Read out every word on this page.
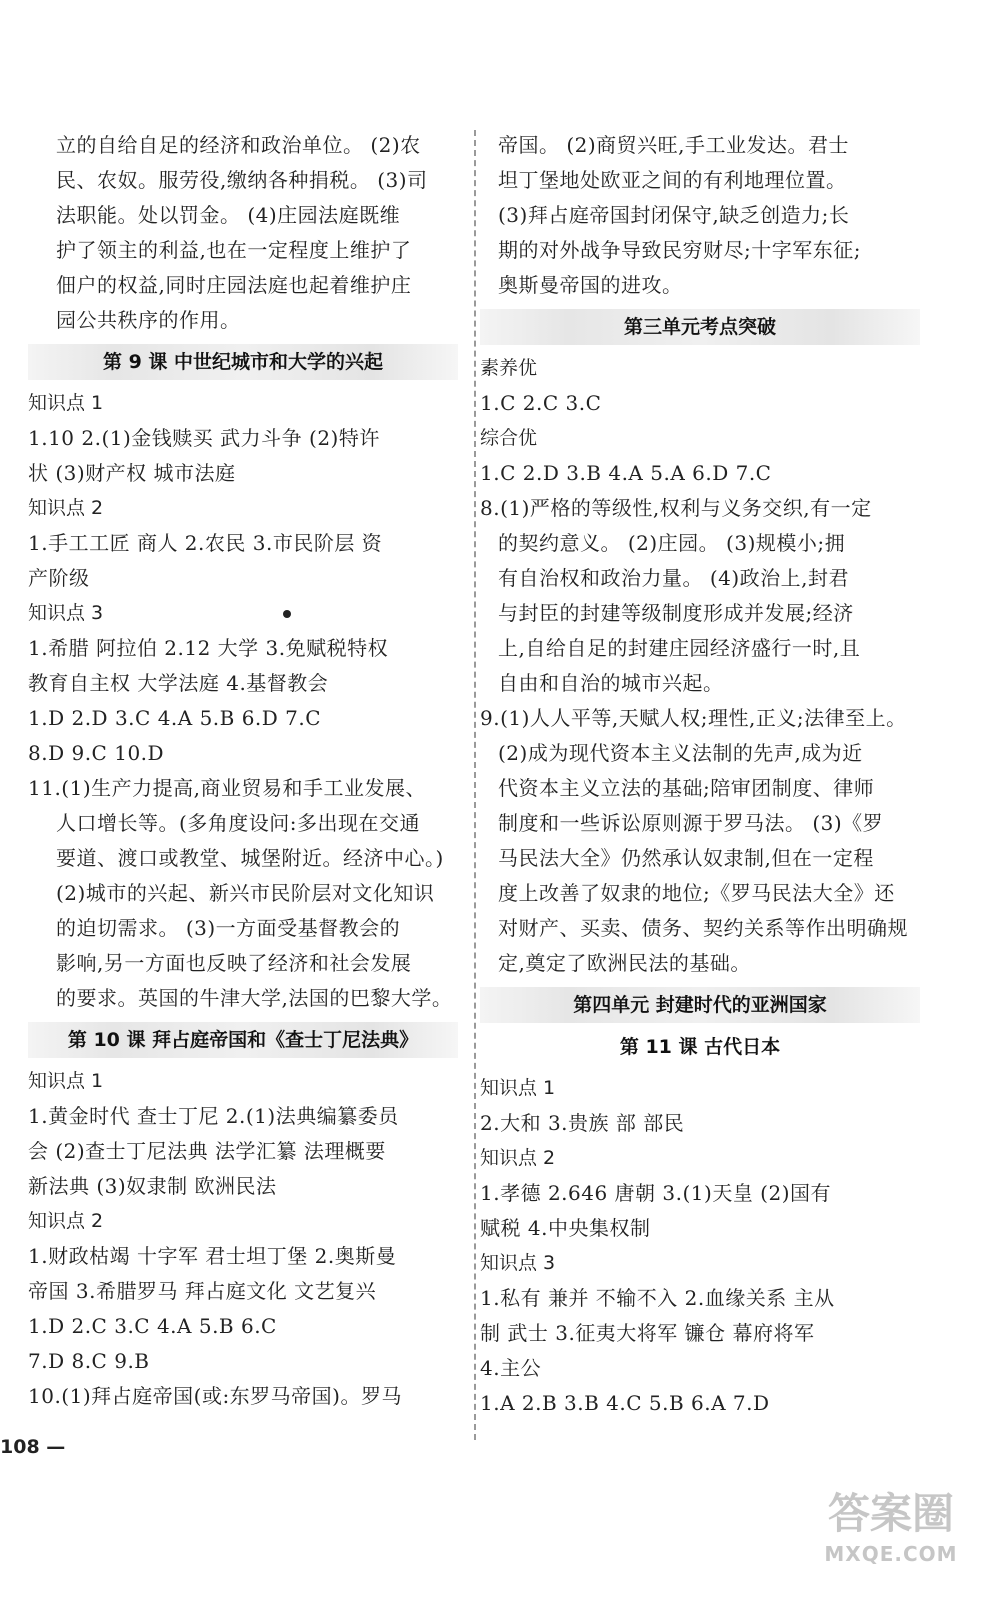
立的自给自足的经济和政治单位。 (2)农
民、农奴。服劳役,缴纳各种捐税。 (3)司
法职能。处以罚金。 (4)庄园法庭既维
护了领主的利益,也在一定程度上维护了
佃户的权益,同时庄园法庭也起着维护庄
园公共秩序的作用。
第 9 课 中世纪城市和大学的兴起
知识点 1
1.10 2.(1)金钱赎买 武力斗争 (2)特许
状 (3)财产权 城市法庭
知识点 2
1.手工工匠 商人 2.农民 3.市民阶层 资
产阶级
知识点 3
1.希腊 阿拉伯 2.12 大学 3.免赋税特权
教育自主权 大学法庭 4.基督教会
1.D 2.D 3.C 4.A 5.B 6.D 7.C
8.D 9.C 10.D
11.(1)生产力提高,商业贸易和手工业发展、
人口增长等。(多角度设问:多出现在交通
要道、渡口或教堂、城堡附近。经济中心。)
(2)城市的兴起、新兴市民阶层对文化知识
的迫切需求。 (3)一方面受基督教会的
影响,另一方面也反映了经济和社会发展
的要求。英国的牛津大学,法国的巴黎大学。
第 10 课 拜占庭帝国和《查士丁尼法典》
知识点 1
1.黄金时代 查士丁尼 2.(1)法典编纂委员
会 (2)查士丁尼法典 法学汇纂 法理概要
新法典 (3)奴隶制 欧洲民法
知识点 2
1.财政枯竭 十字军 君士坦丁堡 2.奥斯曼
帝国 3.希腊罗马 拜占庭文化 文艺复兴
1.D 2.C 3.C 4.A 5.B 6.C
7.D 8.C 9.B
10.(1)拜占庭帝国(或:东罗马帝国)。罗马
帝国。 (2)商贸兴旺,手工业发达。君士
坦丁堡地处欧亚之间的有利地理位置。
(3)拜占庭帝国封闭保守,缺乏创造力;长
期的对外战争导致民穷财尽;十字军东征;
奥斯曼帝国的进攻。
第三单元考点突破
素养优
1.C 2.C 3.C
综合优
1.C 2.D 3.B 4.A 5.A 6.D 7.C
8.(1)严格的等级性,权利与义务交织,有一定
的契约意义。 (2)庄园。 (3)规模小;拥
有自治权和政治力量。 (4)政治上,封君
与封臣的封建等级制度形成并发展;经济
上,自给自足的封建庄园经济盛行一时,且
自由和自治的城市兴起。
9.(1)人人平等,天赋人权;理性,正义;法律至上。
(2)成为现代资本主义法制的先声,成为近
代资本主义立法的基础;陪审团制度、律师
制度和一些诉讼原则源于罗马法。 (3)《罗
马民法大全》仍然承认奴隶制,但在一定程
度上改善了奴隶的地位;《罗马民法大全》还
对财产、买卖、债务、契约关系等作出明确规
定,奠定了欧洲民法的基础。
第四单元 封建时代的亚洲国家
第 11 课 古代日本
知识点 1
2.大和 3.贵族 部 部民
知识点 2
1.孝德 2.646 唐朝 3.(1)天皇 (2)国有
赋税 4.中央集权制
知识点 3
1.私有 兼并 不输不入 2.血缘关系 主从
制 武士 3.征夷大将军 镰仓 幕府将军
4.主公
1.A 2.B 3.B 4.C 5.B 6.A 7.D
108 —
答案圈
MXQE.COM
